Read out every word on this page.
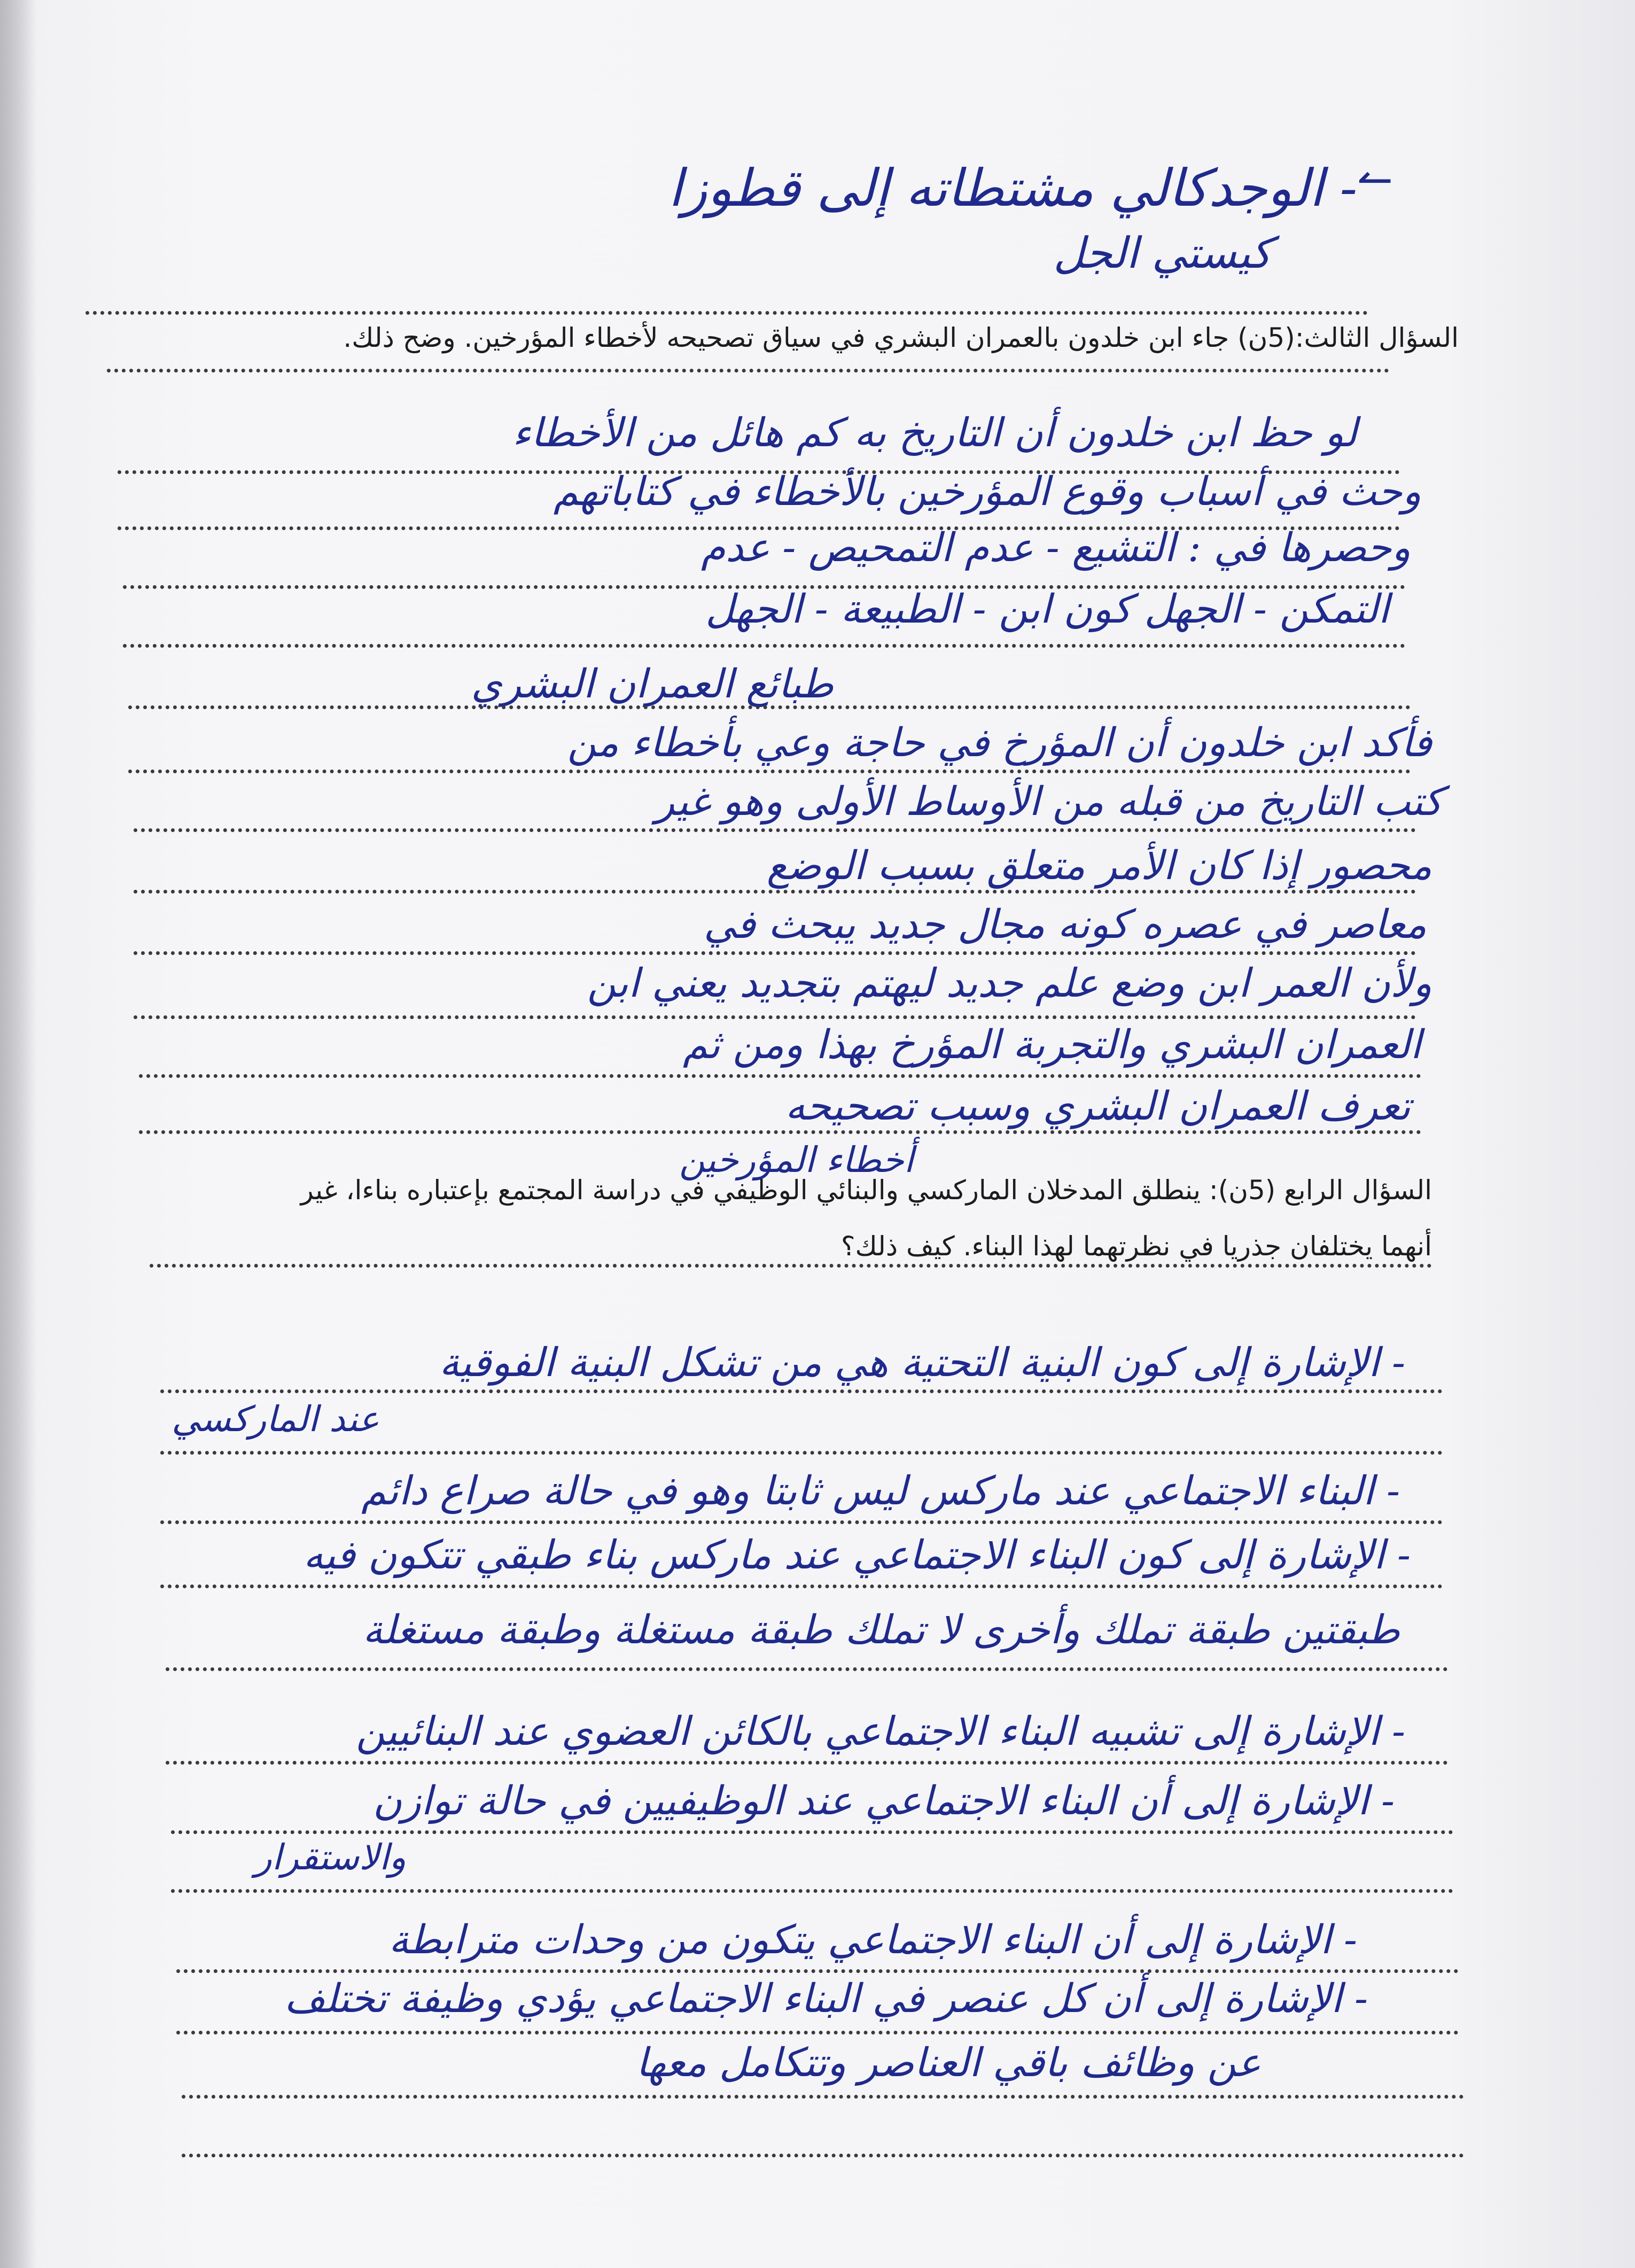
↼
- الوجدكالي مشتطاته إلى قطوزا
كيستي الجل
السؤال الثالث:(5ن) جاء ابن خلدون بالعمران البشري في سياق تصحيحه لأخطاء المؤرخين. وضح ذلك.
لو حظ ابن خلدون أن التاريخ به كم هائل من الأخطاء
وحث في أسباب وقوع المؤرخين بالأخطاء في كتاباتهم
وحصرها في : التشيع - عدم التمحيص - عدم
التمكن - الجهل كون ابن - الطبيعة - الجهل
طبائع العمران البشري
فأكد ابن خلدون أن المؤرخ في حاجة وعي بأخطاء من
كتب التاريخ من قبله من الأوساط الأولى وهو غير
محصور إذا كان الأمر متعلق بسبب الوضع
معاصر في عصره كونه مجال جديد يبحث في
ولأن العمر ابن وضع علم جديد ليهتم بتجديد يعني ابن
العمران البشري والتجربة المؤرخ بهذا ومن ثم
تعرف العمران البشري وسبب تصحيحه
أخطاء المؤرخين
السؤال الرابع (5ن): ينطلق المدخلان الماركسي والبنائي الوظيفي في دراسة المجتمع بإعتباره بناءا، غير
أنهما يختلفان جذريا في نظرتهما لهذا البناء. كيف ذلك؟
- الإشارة إلى كون البنية التحتية هي من تشكل البنية الفوقية
عند الماركسي
- البناء الاجتماعي عند ماركس ليس ثابتا وهو في حالة صراع دائم
- الإشارة إلى كون البناء الاجتماعي عند ماركس بناء طبقي تتكون فيه
طبقتين طبقة تملك وأخرى لا تملك طبقة مستغلة وطبقة مستغلة
- الإشارة إلى تشبيه البناء الاجتماعي بالكائن العضوي عند البنائيين
- الإشارة إلى أن البناء الاجتماعي عند الوظيفيين في حالة توازن
والاستقرار
- الإشارة إلى أن البناء الاجتماعي يتكون من وحدات مترابطة
- الإشارة إلى أن كل عنصر في البناء الاجتماعي يؤدي وظيفة تختلف
عن وظائف باقي العناصر وتتكامل معها
